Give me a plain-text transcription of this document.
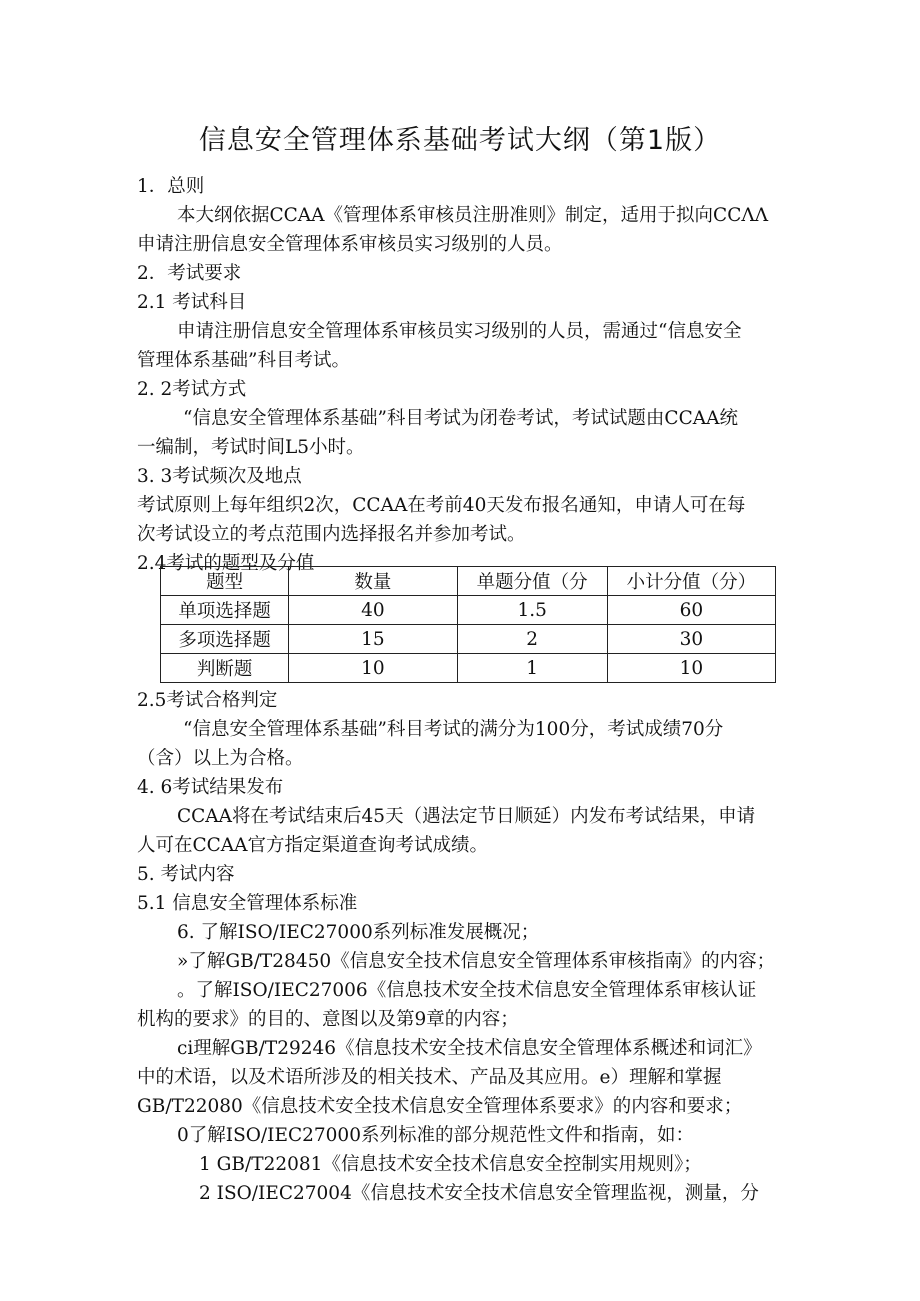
信息安全管理体系基础考试大纲（第1版）
1．总则
本大纲依据CCAA《管理体系审核员注册准则》制定，适用于拟向CCΛΛ
申请注册信息安全管理体系审核员实习级别的人员。
2．考试要求
2.1 考试科目
申请注册信息安全管理体系审核员实习级别的人员，需通过“信息安全
管理体系基础”科目考试。
2. 2考试方式
“信息安全管理体系基础”科目考试为闭卷考试，考试试题由CCAA统
一编制，考试时间L5小时。
3. 3考试频次及地点
考试原则上每年组织2次，CCAA在考前40天发布报名通知，申请人可在每
次考试设立的考点范围内选择报名并参加考试。
2.4考试的题型及分值
题型	数量	单题分值（分	小计分值（分）
单项选择题	40	1.5	60
多项选择题	15	2	30
判断题	10	1	10
2.5考试合格判定
“信息安全管理体系基础”科目考试的满分为100分，考试成绩70分
（含）以上为合格。
4. 6考试结果发布
CCAA将在考试结束后45天（遇法定节日顺延）内发布考试结果，申请
人可在CCAA官方指定渠道查询考试成绩。
5. 考试内容
5.1 信息安全管理体系标准
6. 了解ISO/IEC27000系列标准发展概况；
»了解GB/T28450《信息安全技术信息安全管理体系审核指南》的内容；
。了解ISO/IEC27006《信息技术安全技术信息安全管理体系审核认证
机构的要求》的目的、意图以及第9章的内容；
ci理解GB/T29246《信息技术安全技术信息安全管理体系概述和词汇》
中的术语，以及术语所涉及的相关技术、产品及其应用。e）理解和掌握
GB/T22080《信息技术安全技术信息安全管理体系要求》的内容和要求；
0了解ISO/IEC27000系列标准的部分规范性文件和指南，如：
1 GB/T22081《信息技术安全技术信息安全控制实用规则》；
2 ISO/IEC27004《信息技术安全技术信息安全管理监视，测量，分
